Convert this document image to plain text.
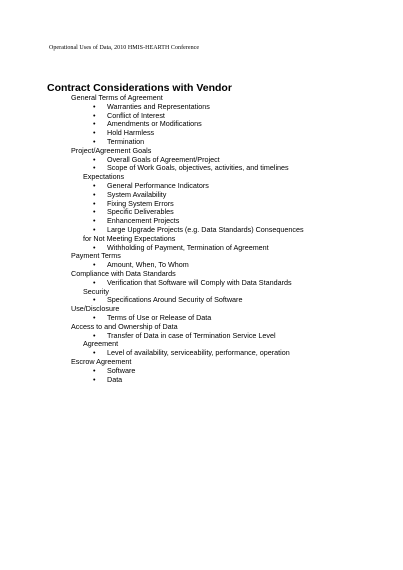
Operational Uses of Data, 2010 HMIS-HEARTH Conference
Contract Considerations with Vendor
General Terms of Agreement
• Warranties and Representations
• Conflict of Interest
• Amendments or Modifications
• Hold Harmless
• Termination
Project/Agreement Goals
• Overall Goals of Agreement/Project
• Scope of Work Goals, objectives, activities, and timelines
Expectations
• General Performance Indicators
• System Availability
• Fixing System Errors
• Specific Deliverables
• Enhancement Projects
• Large Upgrade Projects (e.g. Data Standards) Consequences
for Not Meeting Expectations
• Withholding of Payment, Termination of Agreement
Payment Terms
• Amount, When, To Whom
Compliance with Data Standards
• Verification that Software will Comply with Data Standards
Security
• Specifications Around Security of Software
Use/Disclosure
• Terms of Use or Release of Data
Access to and Ownership of Data
• Transfer of Data in case of Termination Service Level
Agreement
• Level of availability, serviceability, performance, operation
Escrow Agreement
• Software
• Data
